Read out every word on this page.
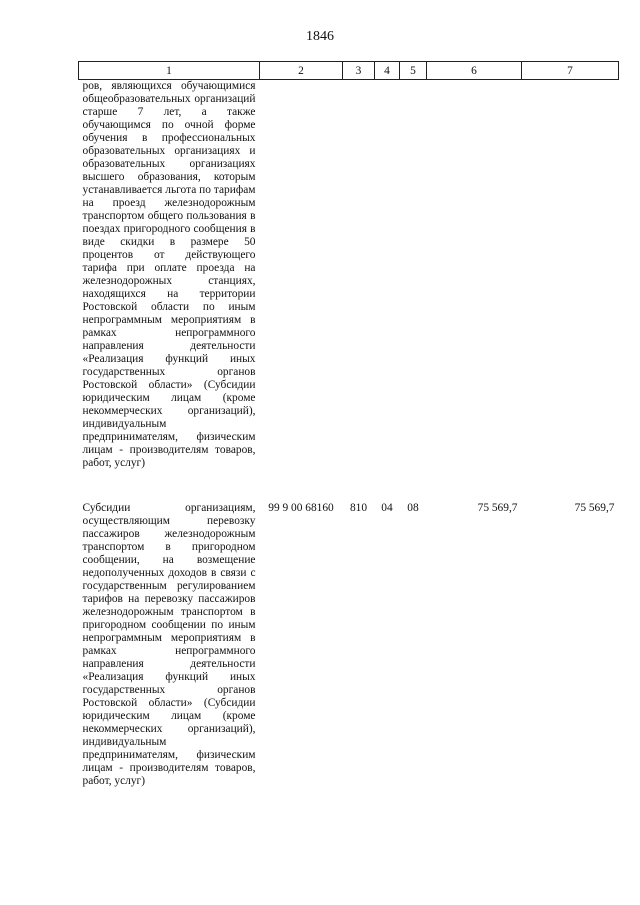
1846
1	2	3	4	5	6	7
ров, являющихся обучающимися общеобразовательных организаций старше 7 лет, а также обучающимся по очной форме обучения в профессиональных образовательных организациях и образовательных организациях высшего образования, которым устанавливается льгота по тарифам на проезд железнодорожным транспортом общего пользования в поездах пригородного сообщения в виде скидки в размере 50 процентов от действующего тарифа при оплате проезда на железнодорожных станциях, находящихся на территории Ростовской области по иным непрограммным мероприятиям в рамках непрограммного направления деятельности «Реализация функций иных государственных органов Ростовской области» (Субсидии юридическим лицам (кроме некоммерческих организаций), индивидуальным предпринимателям, физическим лицам - производителям товаров, работ, услуг)						
Субсидии организациям, осуществляющим перевозку пассажиров железнодорожным транспортом в пригородном сообщении, на возмещение недополученных доходов в связи с государственным регулированием тарифов на перевозку пассажиров железнодорожным транспортом в пригородном сообщении по иным непрограммным мероприятиям в рамках непрограммного направления деятельности «Реализация функций иных государственных органов Ростовской области» (Субсидии юридическим лицам (кроме некоммерческих организаций), индивидуальным предпринимателям, физическим лицам - производителям товаров, работ, услуг)	99 9 00 68160	810	04	08	75 569,7	75 569,7
